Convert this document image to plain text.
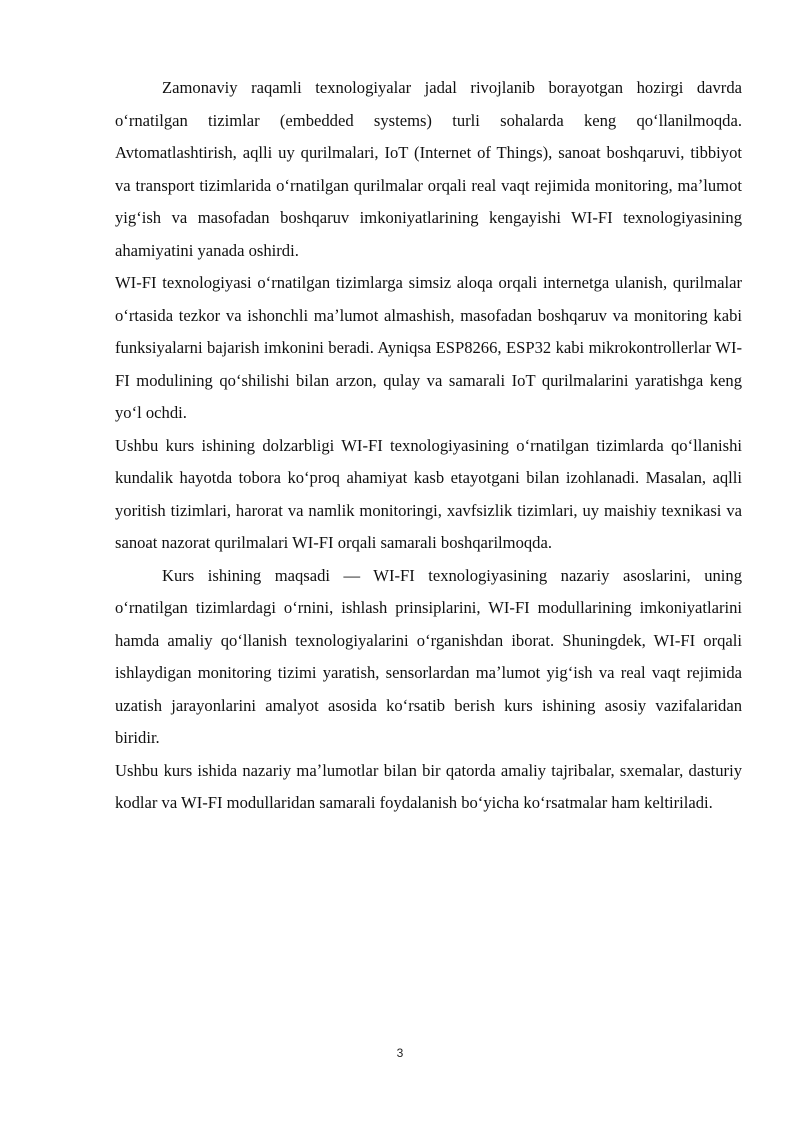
Zamonaviy raqamli texnologiyalar jadal rivojlanib borayotgan hozirgi davrda oʻrnatilgan tizimlar (embedded systems) turli sohalarda keng qoʻllanilmoqda. Avtomatlashtirish, aqlli uy qurilmalari, IoT (Internet of Things), sanoat boshqaruvi, tibbiyot va transport tizimlarida oʻrnatilgan qurilmalar orqali real vaqt rejimida monitoring, maʼlumot yigʻish va masofadan boshqaruv imkoniyatlarining kengayishi WI-FI texnologiyasining ahamiyatini yanada oshirdi.

WI-FI texnologiyasi oʻrnatilgan tizimlarga simsiz aloqa orqali internetga ulanish, qurilmalar oʻrtasida tezkor va ishonchli maʼlumot almashish, masofadan boshqaruv va monitoring kabi funksiyalarni bajarish imkonini beradi. Ayniqsa ESP8266, ESP32 kabi mikrokontrollerlar WI-FI modulining qoʻshilishi bilan arzon, qulay va samarali IoT qurilmalarini yaratishga keng yoʻl ochdi.

Ushbu kurs ishining dolzarbligi WI-FI texnologiyasining oʻrnatilgan tizimlarda qoʻllanishi kundalik hayotda tobora koʻproq ahamiyat kasb etayotgani bilan izohlanadi. Masalan, aqlli yoritish tizimlari, harorat va namlik monitoringi, xavfsizlik tizimlari, uy maishiy texnikasi va sanoat nazorat qurilmalari WI-FI orqali samarali boshqarilmoqda.

Kurs ishining maqsadi — WI-FI texnologiyasining nazariy asoslarini, uning oʻrnatilgan tizimlardagi oʻrnini, ishlash prinsiplarini, WI-FI modullarining imkoniyatlarini hamda amaliy qoʻllanish texnologiyalarini oʻrganishdan iborat. Shuningdek, WI-FI orqali ishlaydigan monitoring tizimi yaratish, sensorlardan maʼlumot yigʻish va real vaqt rejimida uzatish jarayonlarini amalyot asosida koʻrsatib berish kurs ishining asosiy vazifalaridan biridir.

Ushbu kurs ishida nazariy maʼlumotlar bilan bir qatorda amaliy tajribalar, sxemalar, dasturiy kodlar va WI-FI modullaridan samarali foydalanish boʻyicha koʻrsatmalar ham keltiriladi.

3
